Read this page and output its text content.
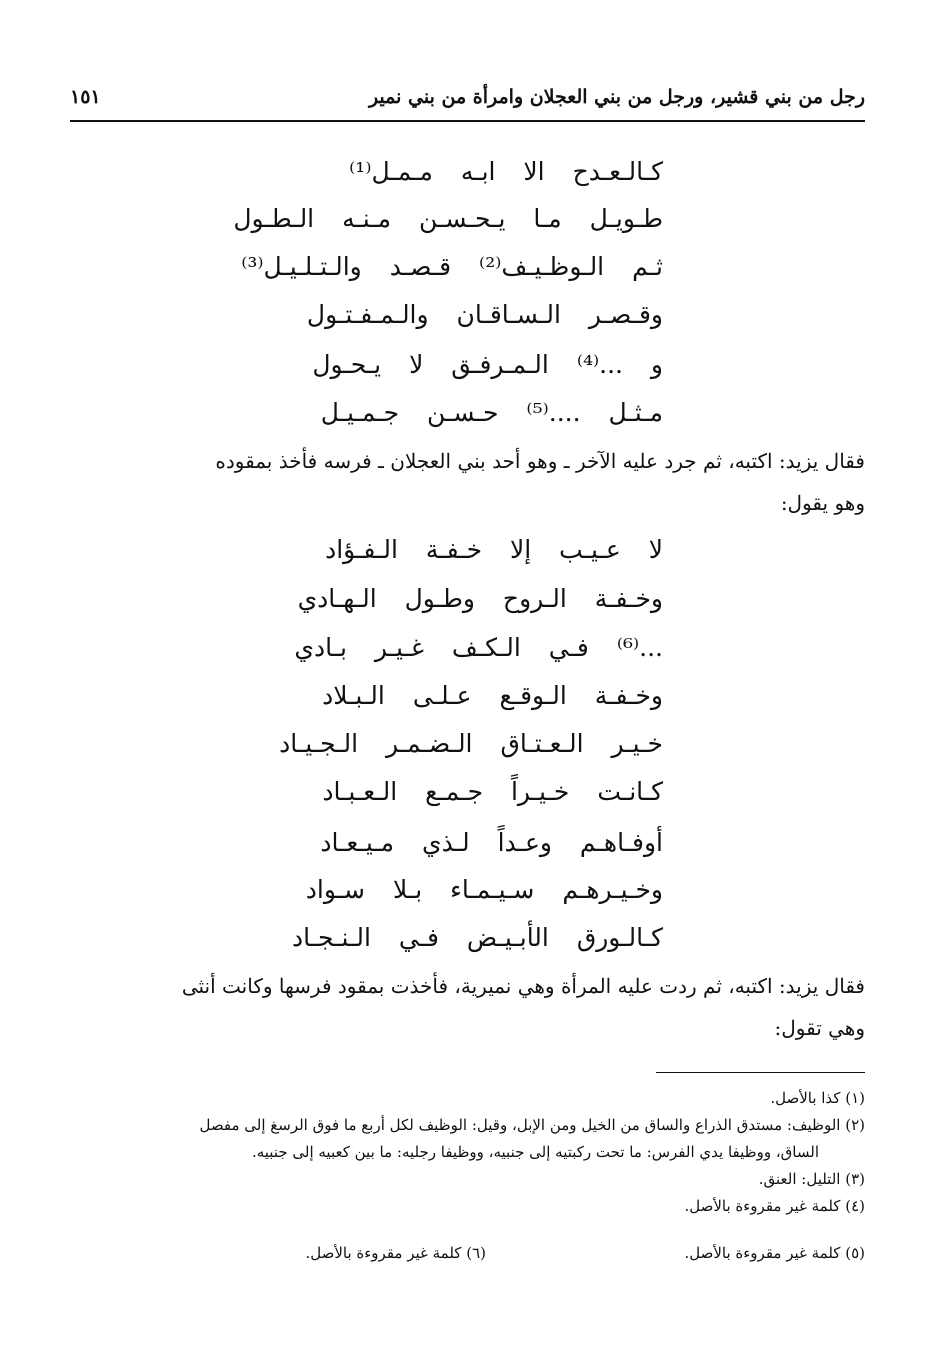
رجل من بني قشير، ورجل من بني العجلان وامرأة من بني نمير
١٥١
كـالـعـدح الا ابـه مـمـل⁽¹⁾
طـويـل مـا يـحـسـن مـنـه الـطـول
ثـم الـوظـيـف⁽²⁾ قـصـد والـتـلـيـل⁽³⁾
وقـصـر الـسـاقـان والـمـفـتـول
و ...⁽⁴⁾ الـمـرفـق لا يـحـول
مـثـل ....⁽⁵⁾ حـسـن جـمـيـل
فقال يزيد: اكتبه، ثم جرد عليه الآخر ـ وهو أحد بني العجلان ـ فرسه فأخذ بمقوده
وهو يقول:
لا عـيـب إلا خـفـة الـفـؤاد
وخـفـة الـروح وطـول الـهـادي
...⁽⁶⁾ فـي الـكـف غـيـر بـادي
وخـفـة الـوقـع عـلـى الـبـلاد
خـيـر الـعـتـاق الـضـمـر الـجـيـاد
كـانـت خـيـراً جـمـع الـعـبـاد
أوفـاهـم وعـداً لـذي مـيـعـاد
وخـيـرهـم سـيـمـاء بـلا سـواد
كـالـورق الأبـيـض فـي الـنـجـاد
فقال يزيد: اكتبه، ثم ردت عليه المرأة وهي نميرية، فأخذت بمقود فرسها وكانت أنثى
وهي تقول:
(١) كذا بالأصل.
(٢) الوظيف: مستدق الذراع والساق من الخيل ومن الإبل، وقيل: الوظيف لكل أربع ما فوق الرسغ إلى مفصل
الساق، ووظيفا يدي الفرس: ما تحت ركبتيه إلى جنبيه، ووظيفا رجليه: ما بين كعبيه إلى جنبيه.
(٣) التليل: العنق.
(٤) كلمة غير مقروءة بالأصل.
(٥) كلمة غير مقروءة بالأصل.
(٦) كلمة غير مقروءة بالأصل.
